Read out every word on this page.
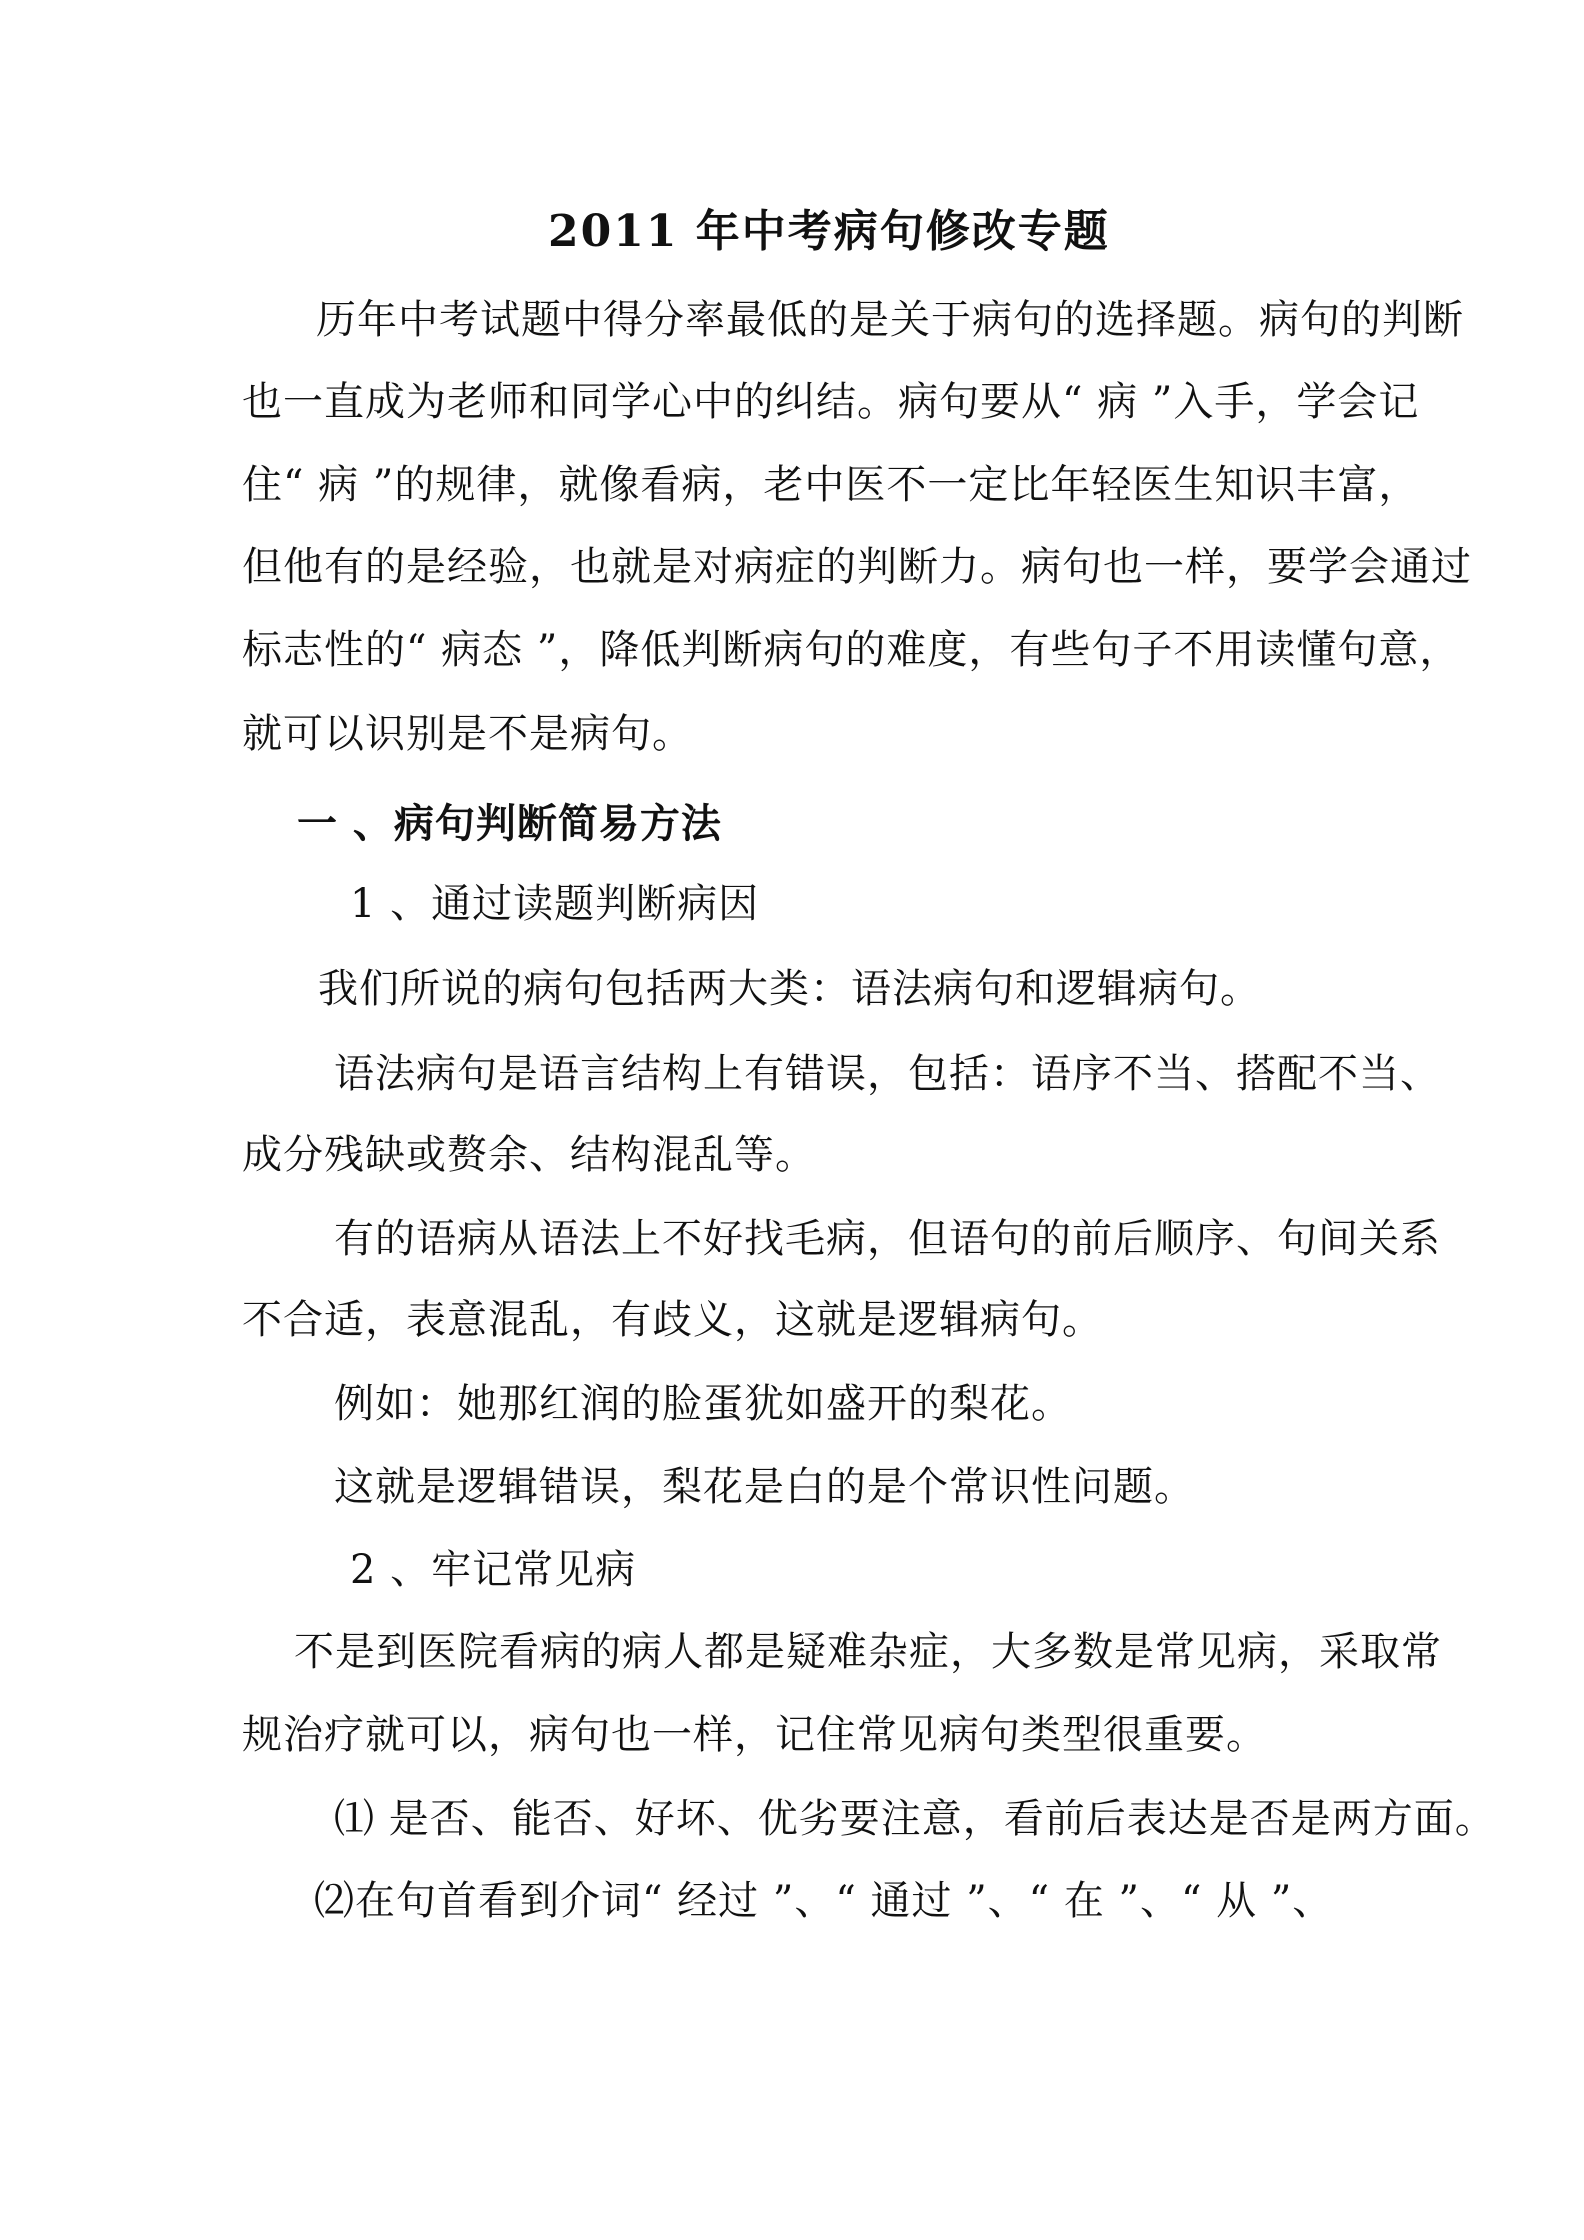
2011 年中考病句修改专题
历年中考试题中得分率最低的是关于病句的选择题。病句的判断
也一直成为老师和同学心中的纠结。病句要从“ 病 ”入手，学会记
住“ 病 ”的规律，就像看病，老中医不一定比年轻医生知识丰富，
但他有的是经验，也就是对病症的判断力。病句也一样，要学会通过
标志性的“ 病态 ”，降低判断病句的难度，有些句子不用读懂句意，
就可以识别是不是病句。
一 、病句判断简易方法
1 、通过读题判断病因
我们所说的病句包括两大类：语法病句和逻辑病句。
语法病句是语言结构上有错误，包括：语序不当、搭配不当、
成分残缺或赘余、结构混乱等。
有的语病从语法上不好找毛病，但语句的前后顺序、句间关系
不合适，表意混乱，有歧义，这就是逻辑病句。
例如：她那红润的脸蛋犹如盛开的梨花。
这就是逻辑错误，梨花是白的是个常识性问题。
2 、牢记常见病
不是到医院看病的病人都是疑难杂症，大多数是常见病，采取常
规治疗就可以，病句也一样，记住常见病句类型很重要。
⑴ 是否、能否、好坏、优劣要注意，看前后表达是否是两方面。
⑵在句首看到介词“ 经过 ”、“ 通过 ”、“ 在 ”、“ 从 ”、
